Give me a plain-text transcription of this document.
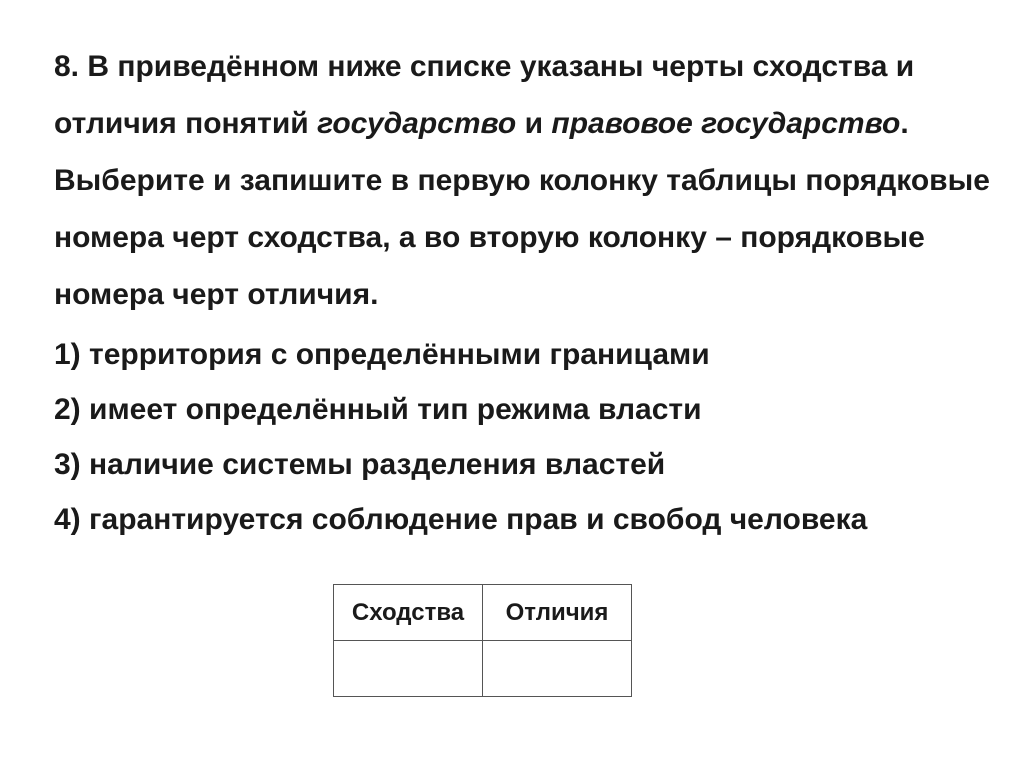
8. В приведённом ниже списке указаны черты сходства и отличия понятий государство и правовое государство. Выберите и запишите в первую колонку таблицы порядковые номера черт сходства, а во вторую колонку – порядковые номера черт отличия.

1) территория с определёнными границами
2) имеет определённый тип режима власти
3) наличие системы разделения властей
4) гарантируется соблюдение прав и свобод человека
Сходства	Отличия
